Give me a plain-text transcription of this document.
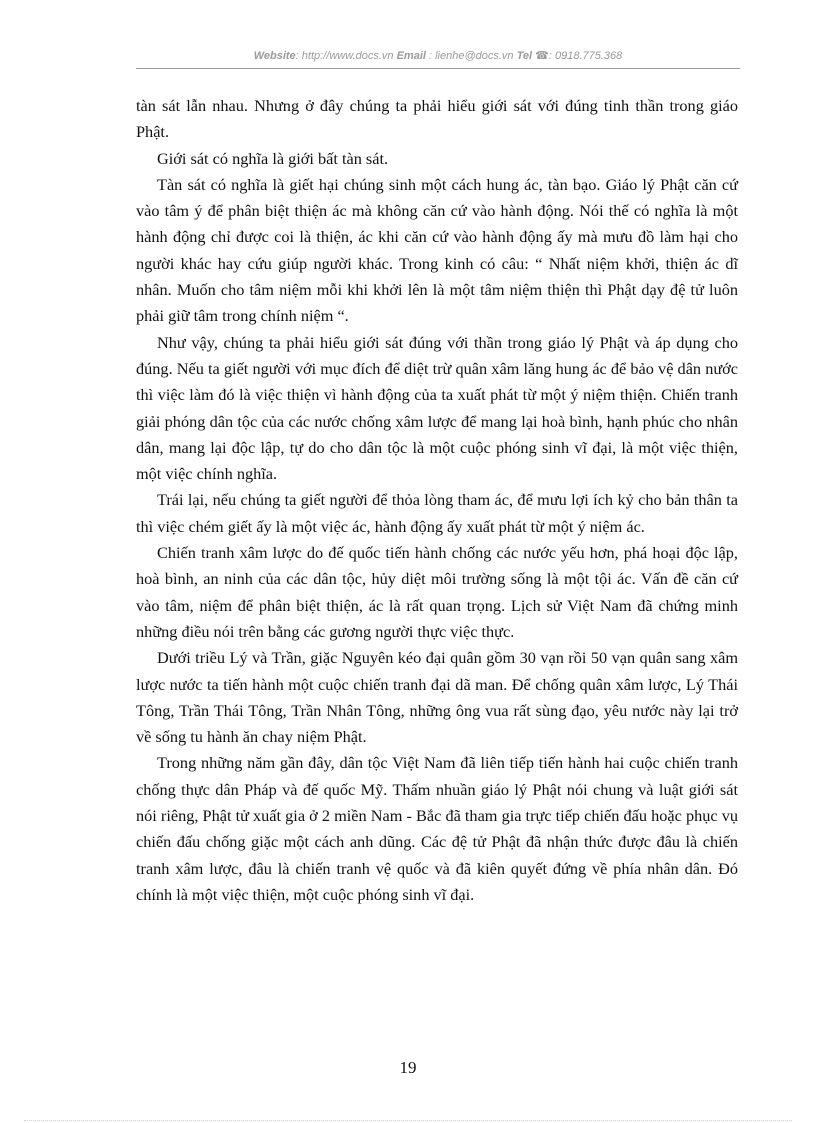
Website: http://www.docs.vn Email : lienhe@docs.vn Tel ☎: 0918.775.368

tàn sát lẫn nhau. Nhưng ở đây chúng ta phải hiểu giới sát với đúng tinh thần trong giáo Phật.

Giới sát có nghĩa là giới bất tàn sát.

Tàn sát có nghĩa là giết hại chúng sinh một cách hung ác, tàn bạo. Giáo lý Phật căn cứ vào tâm ý để phân biệt thiện ác mà không căn cứ vào hành động. Nói thế có nghĩa là một hành động chỉ được coi là thiện, ác khi căn cứ vào hành động ấy mà mưu đồ làm hại cho người khác hay cứu giúp người khác. Trong kinh có câu: “ Nhất niệm khởi, thiện ác dĩ nhân. Muốn cho tâm niệm mỗi khi khởi lên là một tâm niệm thiện thì Phật dạy đệ tử luôn phải giữ tâm trong chính niệm “.

Như vậy, chúng ta phải hiểu giới sát đúng với thần trong giáo lý Phật và áp dụng cho đúng. Nếu ta giết người với mục đích để diệt trừ quân xâm lăng hung ác để bảo vệ dân nước thì việc làm đó là việc thiện vì hành động của ta xuất phát từ một ý niệm thiện. Chiến tranh giải phóng dân tộc của các nước chống xâm lược để mang lại hoà bình, hạnh phúc cho nhân dân, mang lại độc lập, tự do cho dân tộc là một cuộc phóng sinh vĩ đại, là một việc thiện, một việc chính nghĩa.

Trái lại, nếu chúng ta giết người để thỏa lòng tham ác, để mưu lợi ích kỷ cho bản thân ta thì việc chém giết ấy là một việc ác, hành động ấy xuất phát từ một ý niệm ác.

Chiến tranh xâm lược do đế quốc tiến hành chống các nước yếu hơn, phá hoại độc lập, hoà bình, an ninh của các dân tộc, hủy diệt môi trường sống là một tội ác. Vấn đề căn cứ vào tâm, niệm để phân biệt thiện, ác là rất quan trọng. Lịch sử Việt Nam đã chứng minh những điều nói trên bằng các gương người thực việc thực.

Dưới triều Lý và Trần, giặc Nguyên kéo đại quân gồm 30 vạn rồi 50 vạn quân sang xâm lược nước ta tiến hành một cuộc chiến tranh đại dã man. Để chống quân xâm lược, Lý Thái Tông, Trần Thái Tông, Trần Nhân Tông, những ông vua rất sùng đạo, yêu nước này lại trở về sống tu hành ăn chay niệm Phật.

Trong những năm gần đây, dân tộc Việt Nam đã liên tiếp tiến hành hai cuộc chiến tranh chống thực dân Pháp và đế quốc Mỹ. Thấm nhuần giáo lý Phật nói chung và luật giới sát nói riêng, Phật tử xuất gia ở 2 miền Nam - Bắc đã tham gia trực tiếp chiến đấu hoặc phục vụ chiến đấu chống giặc một cách anh dũng. Các đệ tử Phật đã nhận thức được đâu là chiến tranh xâm lược, đâu là chiến tranh vệ quốc và đã kiên quyết đứng về phía nhân dân. Đó chính là một việc thiện, một cuộc phóng sinh vĩ đại.

19
